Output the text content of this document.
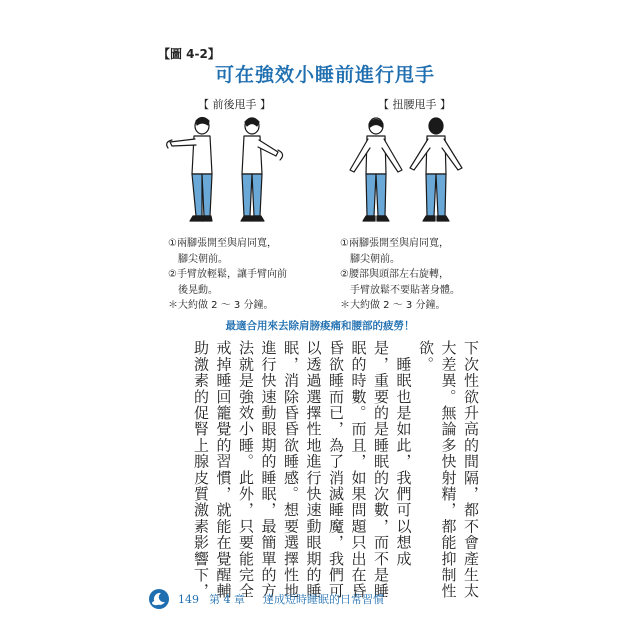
【圖 4-2】
可在強效小睡前進行甩手
【 前後甩手 】
①兩腳張開至與肩同寬，
　腳尖朝前。
②手臂放輕鬆，讓手臂向前
　後晃動。
＊大約做 2 ～ 3 分鐘。
【 扭腰甩手 】
①兩腳張開至與肩同寬，
　腳尖朝前。
②腰部與頭部左右旋轉，
　手臂放鬆不要貼著身體。
＊大約做 2 ～ 3 分鐘。
最適合用來去除肩膀痠痛和腰部的疲勞！
下次性欲升高的間隔，都不會產生太
大差異。無論多快射精，都能抑制性
欲。
　睡眠也是如此，我們可以想成
是，重要的是睡眠的次數，而不是睡
眠的時數。而且，如果問題只出在昏
昏欲睡而已，為了消滅睡魔，我們可
以透過選擇性地進行快速動眼期的睡
眠，消除昏昏欲睡感。想要選擇性地
進行快速動眼期的睡眠，最簡單的方
法就是強效小睡。此外，只要能完全
戒掉睡回籠覺的習慣，就能在覺醒輔
助激素的促腎上腺皮質激素影響下，
149 第 4 章 達成短時睡眠的日常習慣
